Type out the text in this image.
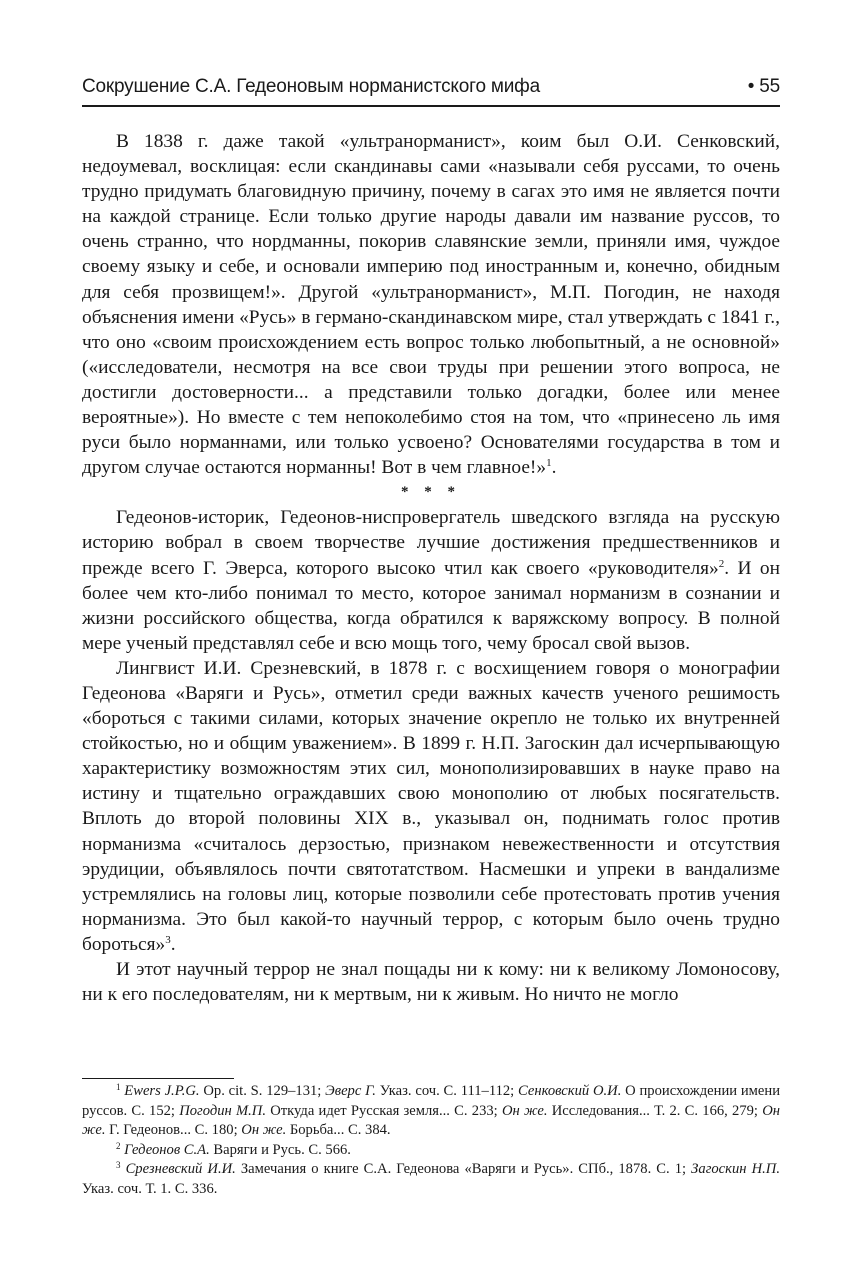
Сокрушение С.А. Гедеоновым норманистского мифа	• 55

В 1838 г. даже такой «ультранорманист», коим был О.И. Сенковский, недоумевал, восклицая: если скандинавы сами «называли себя руссами, то очень трудно придумать благовидную причину, почему в сагах это имя не является почти на каждой странице. Если только другие народы давали им название руссов, то очень странно, что нордманны, покорив славянские земли, приняли имя, чуждое своему языку и себе, и основали империю под иностранным и, конечно, обидным для себя прозвищем!». Другой «ультранорманист», М.П. Погодин, не находя объяснения имени «Русь» в германо-скандинавском мире, стал утверждать с 1841 г., что оно «своим происхождением есть вопрос только любопытный, а не основной» («исследователи, несмотря на все свои труды при решении этого вопроса, не достигли достоверности... а представили только догадки, более или менее вероятные»). Но вместе с тем непоколебимо стоя на том, что «принесено ль имя руси было норманнами, или только усвоено? Основателями государства в том и другом случае остаются норманны! Вот в чем главное!»$^1$.

* * *

Гедеонов-историк, Гедеонов-ниспровергатель шведского взгляда на русскую историю вобрал в своем творчестве лучшие достижения предшественников и прежде всего Г. Эверса, которого высоко чтил как своего «руководителя»$^2$. И он более чем кто-либо понимал то место, которое занимал норманизм в сознании и жизни российского общества, когда обратился к варяжскому вопросу. В полной мере ученый представлял себе и всю мощь того, чему бросал свой вызов.

Лингвист И.И. Срезневский, в 1878 г. с восхищением говоря о монографии Гедеонова «Варяги и Русь», отметил среди важных качеств ученого решимость «бороться с такими силами, которых значение окрепло не только их внутренней стойкостью, но и общим уважением». В 1899 г. Н.П. Загоскин дал исчерпывающую характеристику возможностям этих сил, монополизировавших в науке право на истину и тщательно ограждавших свою монополию от любых посягательств. Вплоть до второй половины XIX в., указывал он, поднимать голос против норманизма «считалось дерзостью, признаком невежественности и отсутствия эрудиции, объявлялось почти святотатством. Насмешки и упреки в вандализме устремлялись на головы лиц, которые позволили себе протестовать против учения норманизма. Это был какой-то научный террор, с которым было очень трудно бороться»$^3$.

И этот научный террор не знал пощады ни к кому: ни к великому Ломоносову, ни к его последователям, ни к мертвым, ни к живым. Но ничто не могло

$^1$ Ewers J.P.G. Op. cit. S. 129–131; Эверс Г. Указ. соч. С. 111–112; Сенковский О.И. О происхождении имени руссов. С. 152; Погодин М.П. Откуда идет Русская земля... С. 233; Он же. Исследования... Т. 2. С. 166, 279; Он же. Г. Гедеонов... С. 180; Он же. Борьба... С. 384.

$^2$ Гедеонов С.А. Варяги и Русь. С. 566.

$^3$ Срезневский И.И. Замечания о книге С.А. Гедеонова «Варяги и Русь». СПб., 1878. С. 1; Загоскин Н.П. Указ. соч. Т. 1. С. 336.
